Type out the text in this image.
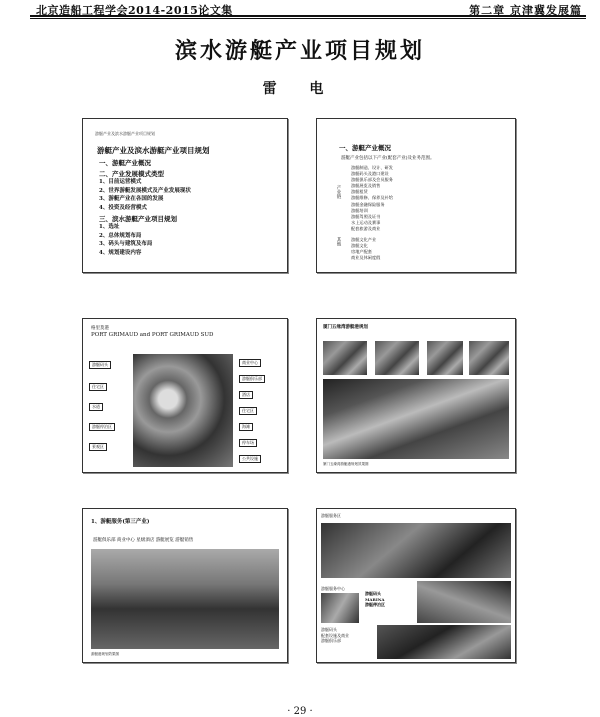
北京造船工程学会2014-2015论文集	第二章 京津冀发展篇
滨水游艇产业项目规划
雷 电
游艇产业及滨水游艇产业项目规划
游艇产业及滨水游艇产业项目规划
一、游艇产业概况
二、产业发展模式类型
1、目前运营模式
2、世界游艇发展模式及产业发展现状
3、游艇产业在各国的发展
4、投资及经营模式
三、滨水游艇产业项目规划
1、选址
2、总体规划布局
3、码头与建筑及布局
4、规划建设内容
一、游艇产业概况
游艇产业包括以下产业(配套产业)及业务范围。
产业链
游艇制造、设计、研发
游艇码头及港口建设
游艇俱乐部及会员服务
游艇展览及销售
游艇租赁
游艇维修、保养及补给
游艇金融保险服务
游艇培训
游艇驾照及证书
水上运动及赛事
配套旅游及商业
其他 游艇文化产业
游艇文化
房地产配套
商业及休闲度假
格里莫港
PORT GRIMAUD and PORT GRIMAUD SUD
游艇码头
住宅区
水道
游艇停泊区
景观区
商业中心
游艇俱乐部
酒店
住宅区
海滩
停车场
公共设施
厦门五缘湾游艇港规划
厦门五缘湾游艇港规划效果图
1、游艇服务(第三产业)
游艇俱乐部 商业中心 星级酒店 游艇展览 游艇销售
游艇港规划效果图
游艇服务区
游艇服务中心
游艇码头
MARINA
游艇停泊区
游艇码头
配套设施及商业
游艇俱乐部
· 29 ·
